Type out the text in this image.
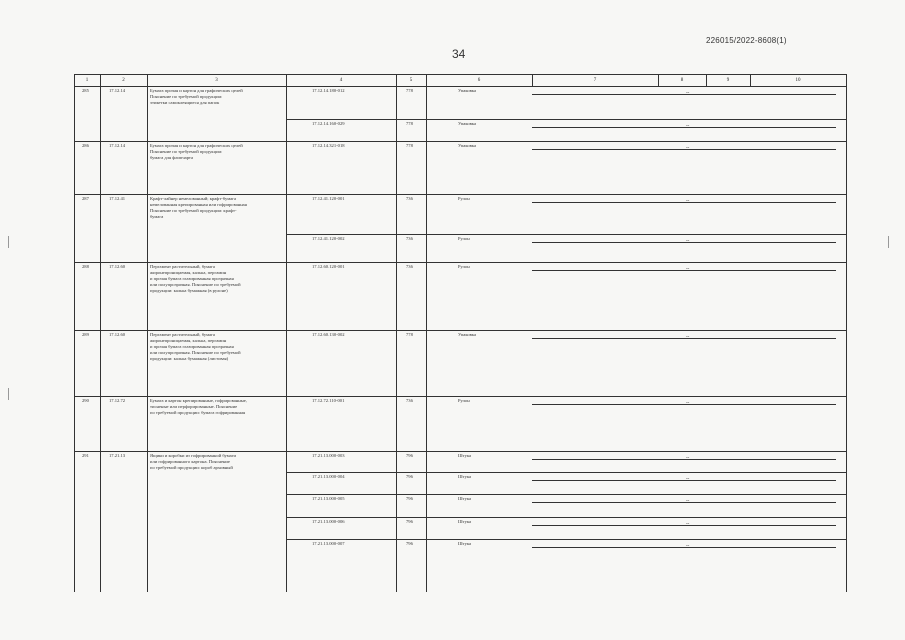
226015/2022-8608(1)
34
1	2	3	4	5	6	7	8	9	10
285	17.12.14	Бумага прочая и картон для графических целей
Пояснение по требуемой продукции:
этикетки самоклеящиеся для папок
17.12.14.180-012	778	Упаковка
--
17.12.14.160-029	778	Упаковка
--
286	17.12.14	Бумага прочая и картон для графических целей
Пояснение по требуемой продукции:
бумага для флипчарта
17.12.14.321-018	778	Упаковка
--
287	17.12.41	Крафт-лайнер немелованный; крафт-бумага
немелованная крепированная или гофрированная
Пояснение по требуемой продукции: крафт-
бумага
17.12.41.120-001	736	Рулон
--
17.12.41.120-002	736	Рулон
--
288	17.12.60	Пергамент растительный, бумага
жиронепроницаемая, калька, пергамин
и прочая бумага глазированная прозрачная
или полупрозрачная. Пояснение по требуемой
продукции: калька бумажная (в рулоне)
17.12.60.120-001	736	Рулон
--
289	17.12.60	Пергамент растительный, бумага
жиронепроницаемая, калька, пергамин
и прочая бумага глазированная прозрачная
или полупрозрачная. Пояснение по требуемой
продукции: калька бумажная (листовая)
17.12.60.130-002	778	Упаковка
--
290	17.12.72	Бумага и картон крепированные, гофрированные,
тисненые или перфорированные. Пояснение
по требуемой продукции: бумага гофрированная
17.12.72.110-001	736	Рулон
--
291	17.21.13	Ящики и коробки из гофрированной бумаги
или гофрированного картона. Пояснение
по требуемой продукции: короб архивный
17.21.13.000-003	796	Штука
--
17.21.13.000-004	796	Штука
--
17.21.13.000-005	796	Штука
--
17.21.13.000-006	796	Штука
--
17.21.13.000-007	796	Штука
--
